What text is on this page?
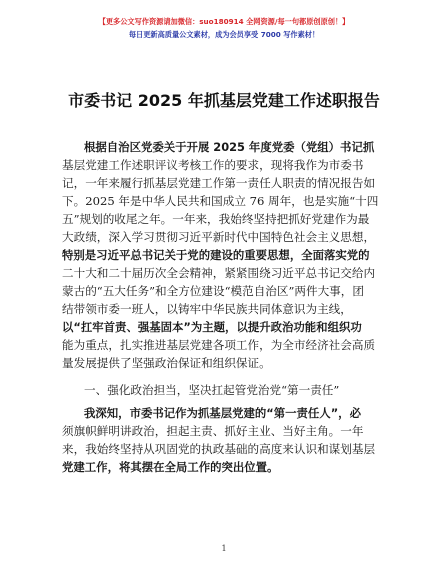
【更多公文写作资源请加微信：suo180914 全网资源/每一句都原创原创！】
每日更新高质量公文素材，成为会员享受 7000 写作素材！
市委书记 2025 年抓基层党建工作述职报告
根据自治区党委关于开展 2025 年度党委（党组）书记抓
基层党建工作述职评议考核工作的要求，现将我作为市委书
记，一年来履行抓基层党建工作第一责任人职责的情况报告如
下。2025 年是中华人民共和国成立 76 周年，也是实施“十四
五”规划的收尾之年。一年来，我始终坚持把抓好党建作为最
大政绩，深入学习贯彻习近平新时代中国特色社会主义思想，
特别是习近平总书记关于党的建设的重要思想，全面落实党的
二十大和二十届历次全会精神，紧紧围绕习近平总书记交给内
蒙古的“五大任务”和全方位建设“模范自治区”两件大事，团
结带领市委一班人，以铸牢中华民族共同体意识为主线，
以“扛牢首责、强基固本”为主题，以提升政治功能和组织功
能为重点，扎实推进基层党建各项工作，为全市经济社会高质
量发展提供了坚强政治保证和组织保证。
一、强化政治担当，坚决扛起管党治党“第一责任”
我深知，市委书记作为抓基层党建的“第一责任人”，必
须旗帜鲜明讲政治，担起主责、抓好主业、当好主角。一年
来，我始终坚持从巩固党的执政基础的高度来认识和谋划基层
党建工作，将其摆在全局工作的突出位置。
1
